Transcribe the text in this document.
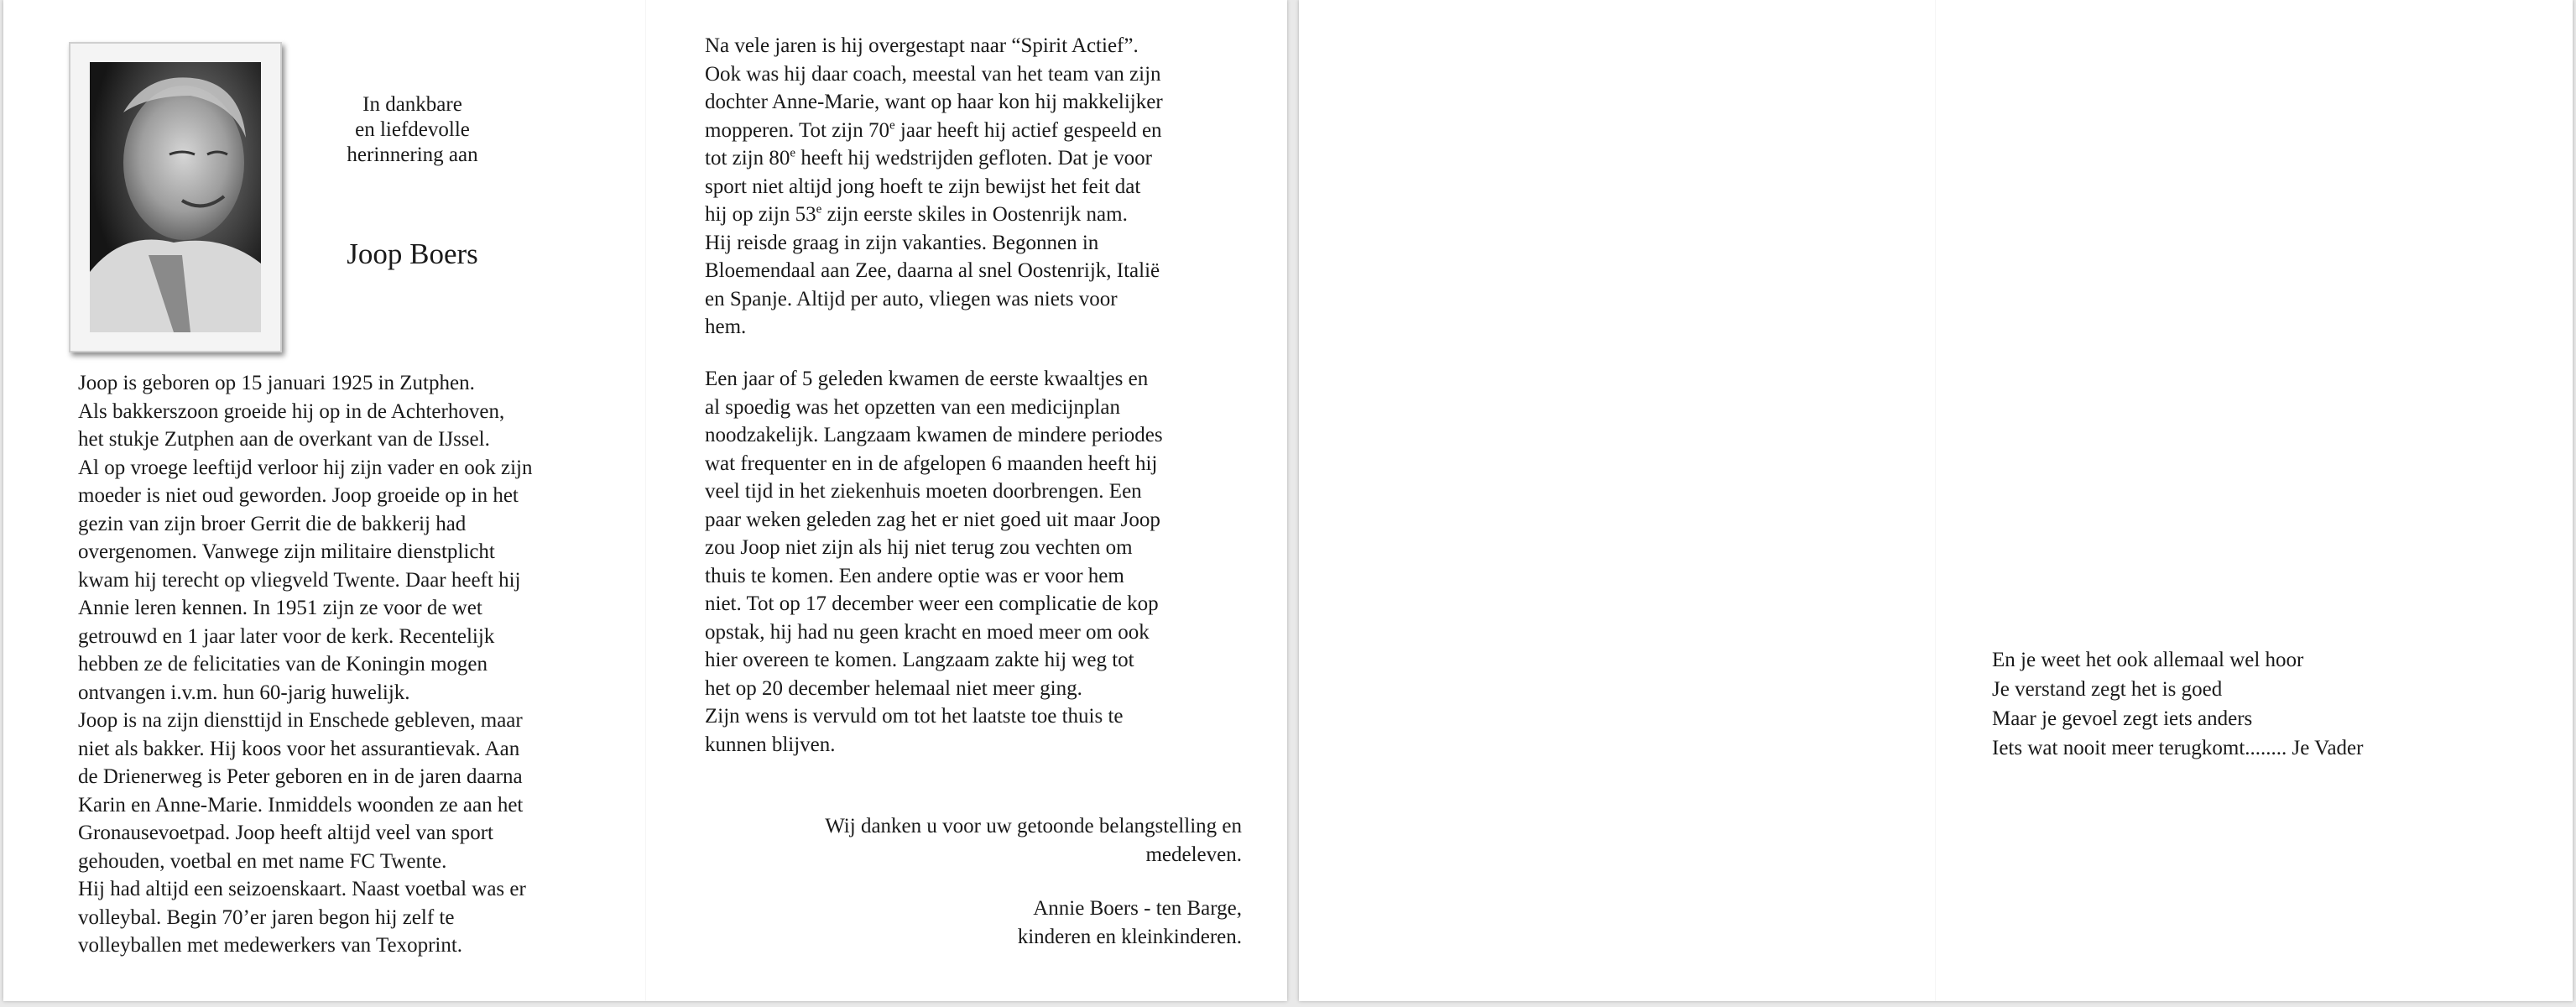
In dankbare
en liefdevolle
herinnering aan
Joop Boers
Joop is geboren op 15 januari 1925 in Zutphen.
Als bakkerszoon groeide hij op in de Achterhoven,
het stukje Zutphen aan de overkant van de IJssel.
Al op vroege leeftijd verloor hij zijn vader en ook zijn
moeder is niet oud geworden. Joop groeide op in het
gezin van zijn broer Gerrit die de bakkerij had
overgenomen. Vanwege zijn militaire dienstplicht
kwam hij terecht op vliegveld Twente. Daar heeft hij
Annie leren kennen. In 1951 zijn ze voor de wet
getrouwd en 1 jaar later voor de kerk. Recentelijk
hebben ze de felicitaties van de Koningin mogen
ontvangen i.v.m. hun 60-jarig huwelijk.
Joop is na zijn diensttijd in Enschede gebleven, maar
niet als bakker. Hij koos voor het assurantievak. Aan
de Drienerweg is Peter geboren en in de jaren daarna
Karin en Anne-Marie. Inmiddels woonden ze aan het
Gronausevoetpad. Joop heeft altijd veel van sport
gehouden, voetbal en met name FC Twente.
Hij had altijd een seizoenskaart. Naast voetbal was er
volleybal. Begin 70’er jaren begon hij zelf te
volleyballen met medewerkers van Texoprint.
Na vele jaren is hij overgestapt naar “Spirit Actief”.
Ook was hij daar coach, meestal van het team van zijn
dochter Anne-Marie, want op haar kon hij makkelijker
mopperen. Tot zijn 70e jaar heeft hij actief gespeeld en
tot zijn 80e heeft hij wedstrijden gefloten. Dat je voor
sport niet altijd jong hoeft te zijn bewijst het feit dat
hij op zijn 53e zijn eerste skiles in Oostenrijk nam.
Hij reisde graag in zijn vakanties. Begonnen in
Bloemendaal aan Zee, daarna al snel Oostenrijk, Italië
en Spanje. Altijd per auto, vliegen was niets voor
hem.
Een jaar of 5 geleden kwamen de eerste kwaaltjes en
al spoedig was het opzetten van een medicijnplan
noodzakelijk. Langzaam kwamen de mindere periodes
wat frequenter en in de afgelopen 6 maanden heeft hij
veel tijd in het ziekenhuis moeten doorbrengen. Een
paar weken geleden zag het er niet goed uit maar Joop
zou Joop niet zijn als hij niet terug zou vechten om
thuis te komen. Een andere optie was er voor hem
niet. Tot op 17 december weer een complicatie de kop
opstak, hij had nu geen kracht en moed meer om ook
hier overeen te komen. Langzaam zakte hij weg tot
het op 20 december helemaal niet meer ging.
Zijn wens is vervuld om tot het laatste toe thuis te
kunnen blijven.
Wij danken u voor uw getoonde belangstelling en
medeleven.
Annie Boers - ten Barge,
kinderen en kleinkinderen.
En je weet het ook allemaal wel hoor
Je verstand zegt het is goed
Maar je gevoel zegt iets anders
Iets wat nooit meer terugkomt........ Je Vader
